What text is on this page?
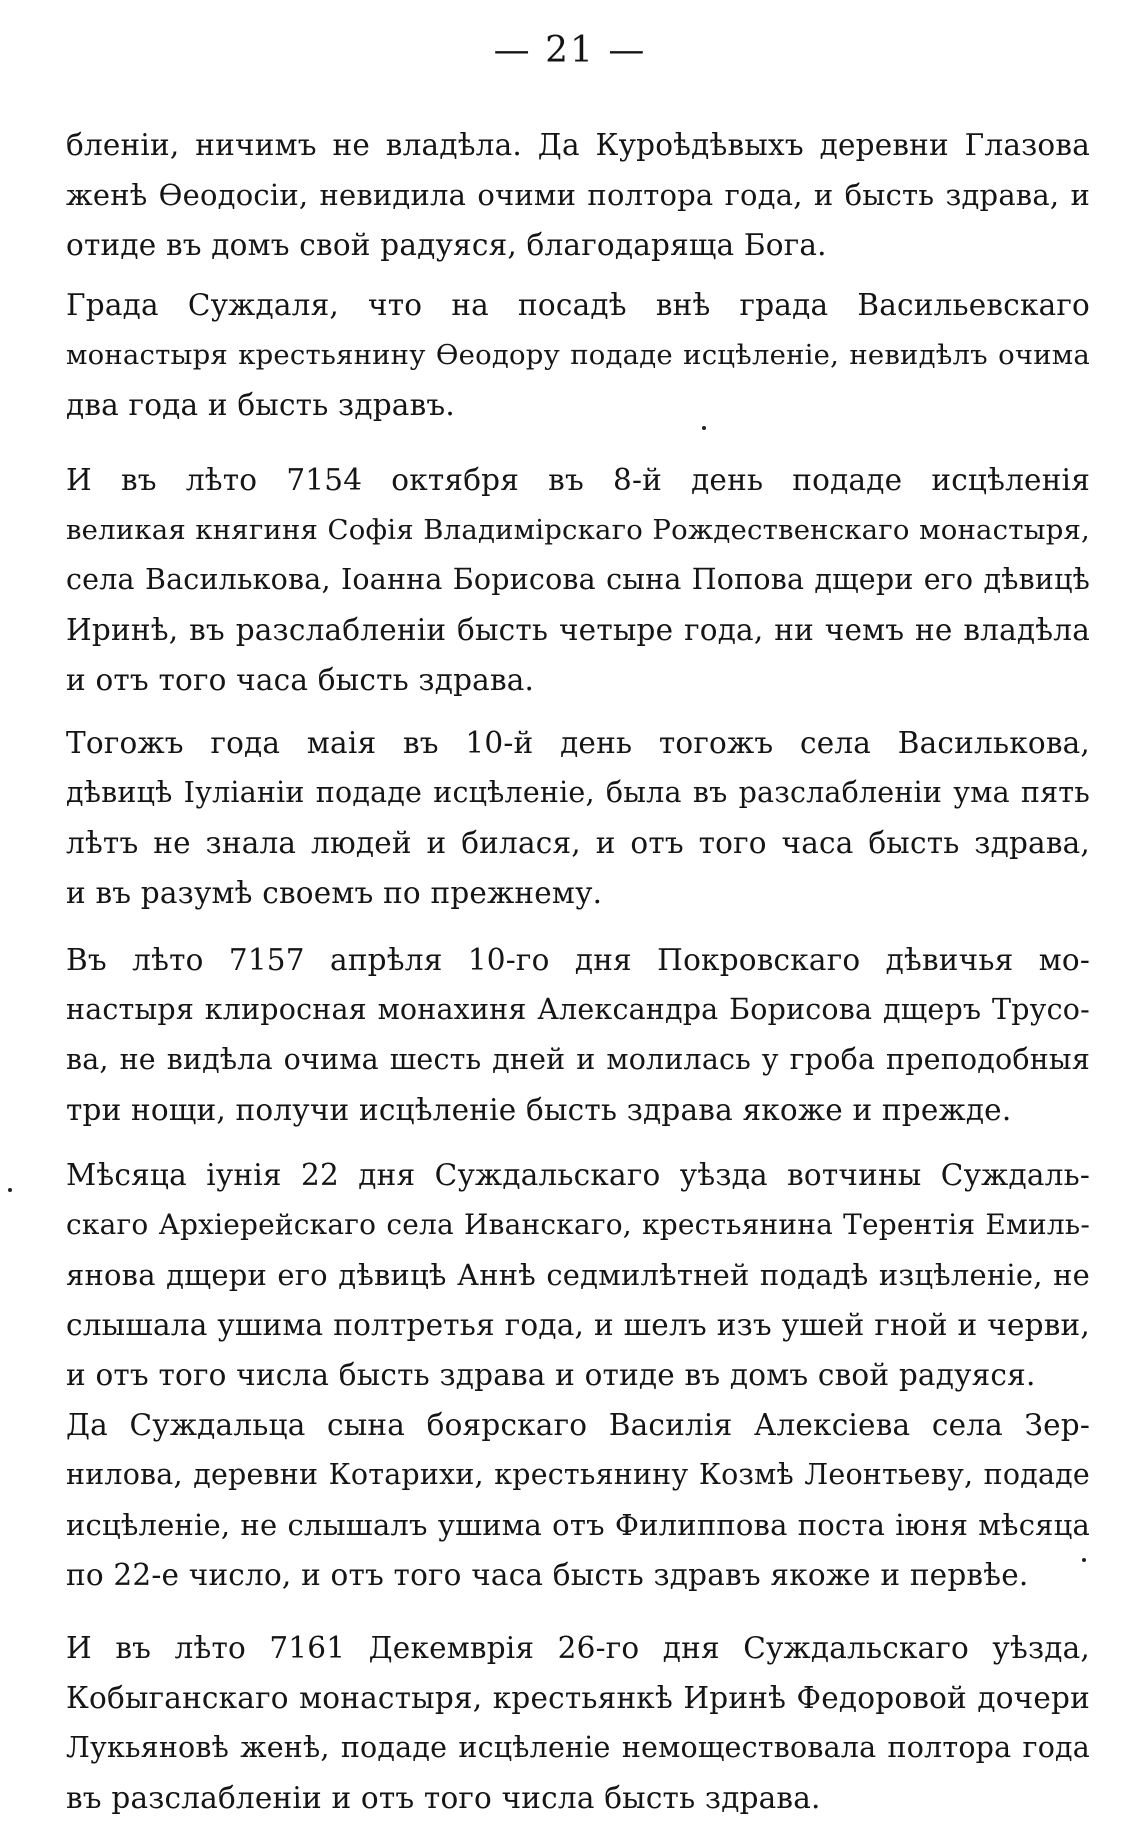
— 21 —
бленіи, ничимъ не владѣла. Да Куроѣдѣвыхъ деревни Глазова
женѣ Ѳеодосіи, невидила очими полтора года, и бысть здрава, и
отиде въ домъ свой радуяся, благодаряща Бога.
Града Суждаля, что на посадѣ внѣ града Васильевскаго
монастыря крестьянину Ѳеодору подаде исцѣленіе, невидѣлъ очима
два года и бысть здравъ.
И въ лѣто 7154 октября въ 8-й день подаде исцѣленія
великая княгиня Софія Владимірскаго Рождественскаго монастыря,
села Василькова, Іоанна Борисова сына Попова дщери его дѣвицѣ
Иринѣ, въ разслабленіи бысть четыре года, ни чемъ не владѣла
и отъ того часа бысть здрава.
Тогожъ года маія въ 10-й день тогожъ села Василькова,
дѣвицѣ Іуліаніи подаде исцѣленіе, была въ разслабленіи ума пять
лѣтъ не знала людей и билася, и отъ того часа бысть здрава,
и въ разумѣ своемъ по прежнему.
Въ лѣто 7157 апрѣля 10-го дня Покровскаго дѣвичья мо-
настыря клиросная монахиня Александра Борисова дщеръ Трусо-
ва, не видѣла очима шесть дней и молилась у гроба преподобныя
три нощи, получи исцѣленіе бысть здрава якоже и прежде.
Мѣсяца іунія 22 дня Суждальскаго уѣзда вотчины Суждаль-
скаго Архіерейскаго села Иванскаго, крестьянина Терентія Емиль-
янова дщери его дѣвицѣ Аннѣ седмилѣтней подадѣ изцѣленіе, не
слышала ушима полтретья года, и шелъ изъ ушей гной и черви,
и отъ того числа бысть здрава и отиде въ домъ свой радуяся.
Да Суждальца сына боярскаго Василія Алексіева села Зер-
нилова, деревни Котарихи, крестьянину Козмѣ Леонтьеву, подаде
исцѣленіе, не слышалъ ушима отъ Филиппова поста іюня мѣсяца
по 22-е число, и отъ того часа бысть здравъ якоже и первѣе.
И въ лѣто 7161 Декемврія 26-го дня Суждальскаго уѣзда,
Кобыганскаго монастыря, крестьянкѣ Иринѣ Федоровой дочери
Лукьяновѣ женѣ, подаде исцѣленіе немоществовала полтора года
въ разслабленіи и отъ того числа бысть здрава.
